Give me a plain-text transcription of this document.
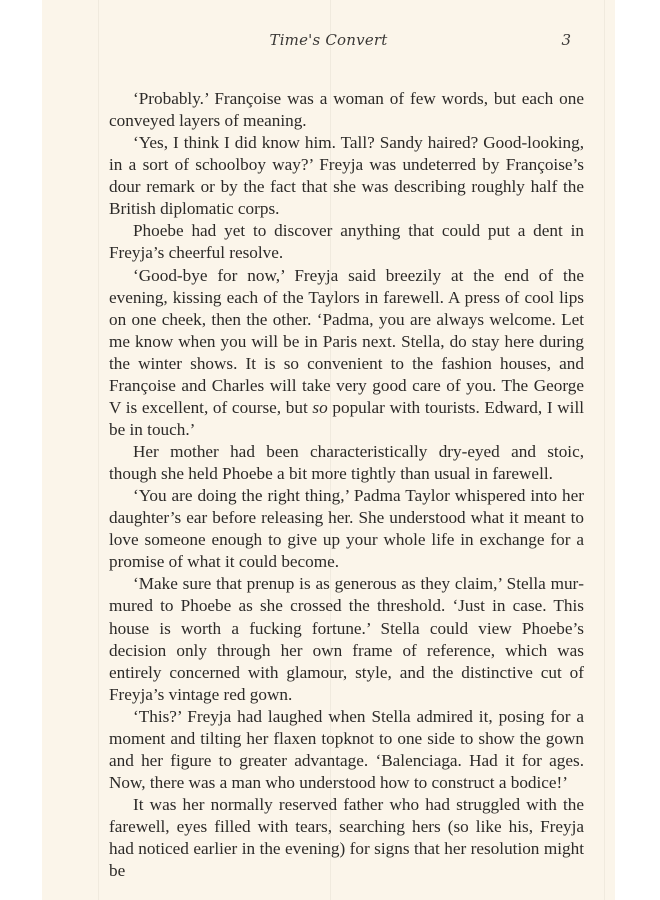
Time's Convert	3

‘Probably.’ Françoise was a woman of few words, but each one conveyed layers of meaning.

‘Yes, I think I did know him. Tall? Sandy haired? Good-looking, in a sort of schoolboy way?’ Freyja was undeterred by Françoise’s dour remark or by the fact that she was describing roughly half the British diplomatic corps.

Phoebe had yet to discover anything that could put a dent in Freyja’s cheerful resolve.

‘Good-bye for now,’ Freyja said breezily at the end of the evening, kissing each of the Taylors in farewell. A press of cool lips on one cheek, then the other. ‘Padma, you are always welcome. Let me know when you will be in Paris next. Stella, do stay here during the winter shows. It is so convenient to the fashion houses, and Françoise and Charles will take very good care of you. The George V is excellent, of course, but so popular with tourists. Edward, I will be in touch.’

Her mother had been characteristically dry-eyed and stoic, though she held Phoebe a bit more tightly than usual in farewell.

‘You are doing the right thing,’ Padma Taylor whispered into her daughter’s ear before releasing her. She understood what it meant to love someone enough to give up your whole life in exchange for a promise of what it could become.

‘Make sure that prenup is as generous as they claim,’ Stella murmured to Phoebe as she crossed the threshold. ‘Just in case. This house is worth a fucking fortune.’ Stella could view Phoebe’s decision only through her own frame of reference, which was entirely concerned with glamour, style, and the distinctive cut of Freyja’s vintage red gown.

‘This?’ Freyja had laughed when Stella admired it, posing for a moment and tilting her flaxen topknot to one side to show the gown and her figure to greater advantage. ‘Balenciaga. Had it for ages. Now, there was a man who understood how to construct a bodice!’

It was her normally reserved father who had struggled with the farewell, eyes filled with tears, searching hers (so like his, Freyja had noticed earlier in the evening) for signs that her resolution might be
